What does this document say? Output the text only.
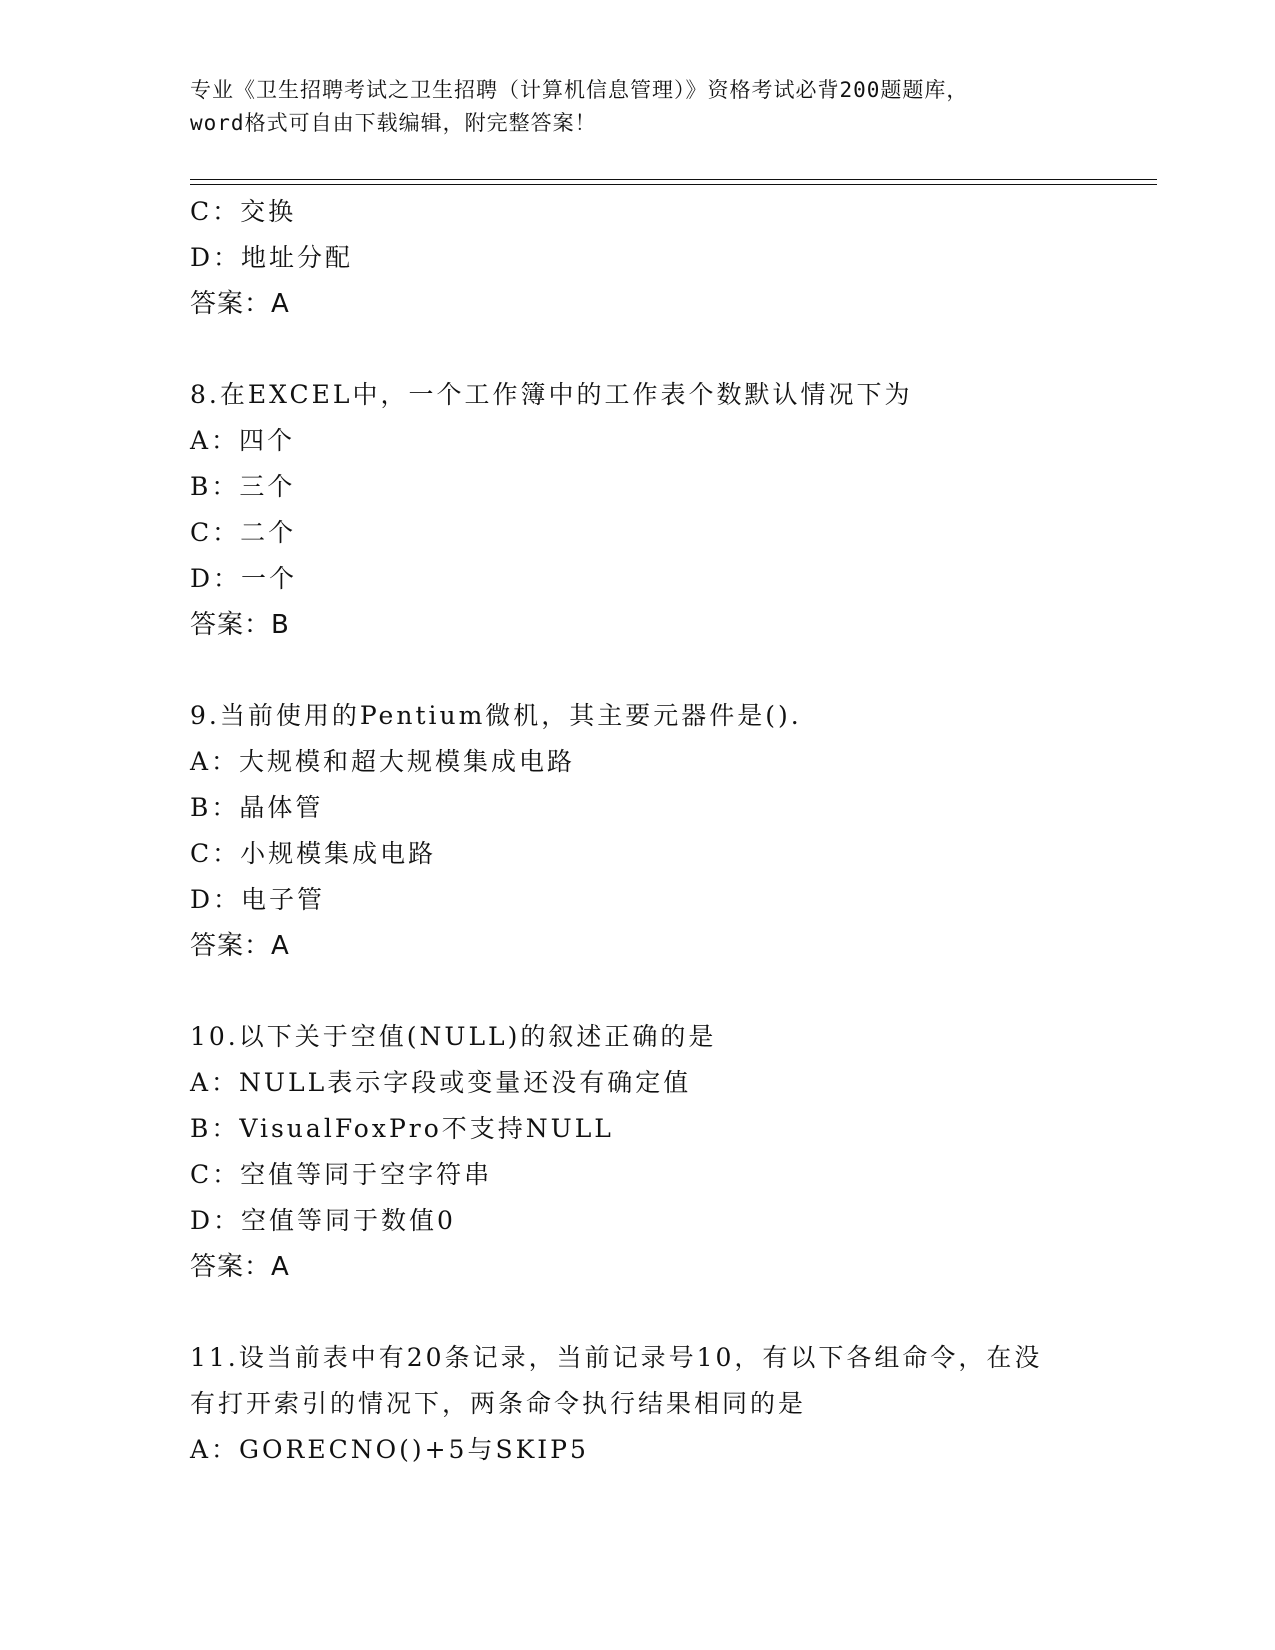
专业《卫生招聘考试之卫生招聘（计算机信息管理）》资格考试必背200题题库，
word格式可自由下载编辑，附完整答案！
C：交换
D：地址分配
答案：A
8.在EXCEL中，一个工作簿中的工作表个数默认情况下为
A：四个
B：三个
C：二个
D：一个
答案：B
9.当前使用的Pentium微机，其主要元器件是().
A：大规模和超大规模集成电路
B：晶体管
C：小规模集成电路
D：电子管
答案：A
10.以下关于空值(NULL)的叙述正确的是
A：NULL表示字段或变量还没有确定值
B：VisualFoxPro不支持NULL
C：空值等同于空字符串
D：空值等同于数值0
答案：A
11.设当前表中有20条记录，当前记录号10，有以下各组命令，在没
有打开索引的情况下，两条命令执行结果相同的是
A：GORECNO()+5与SKIP5
